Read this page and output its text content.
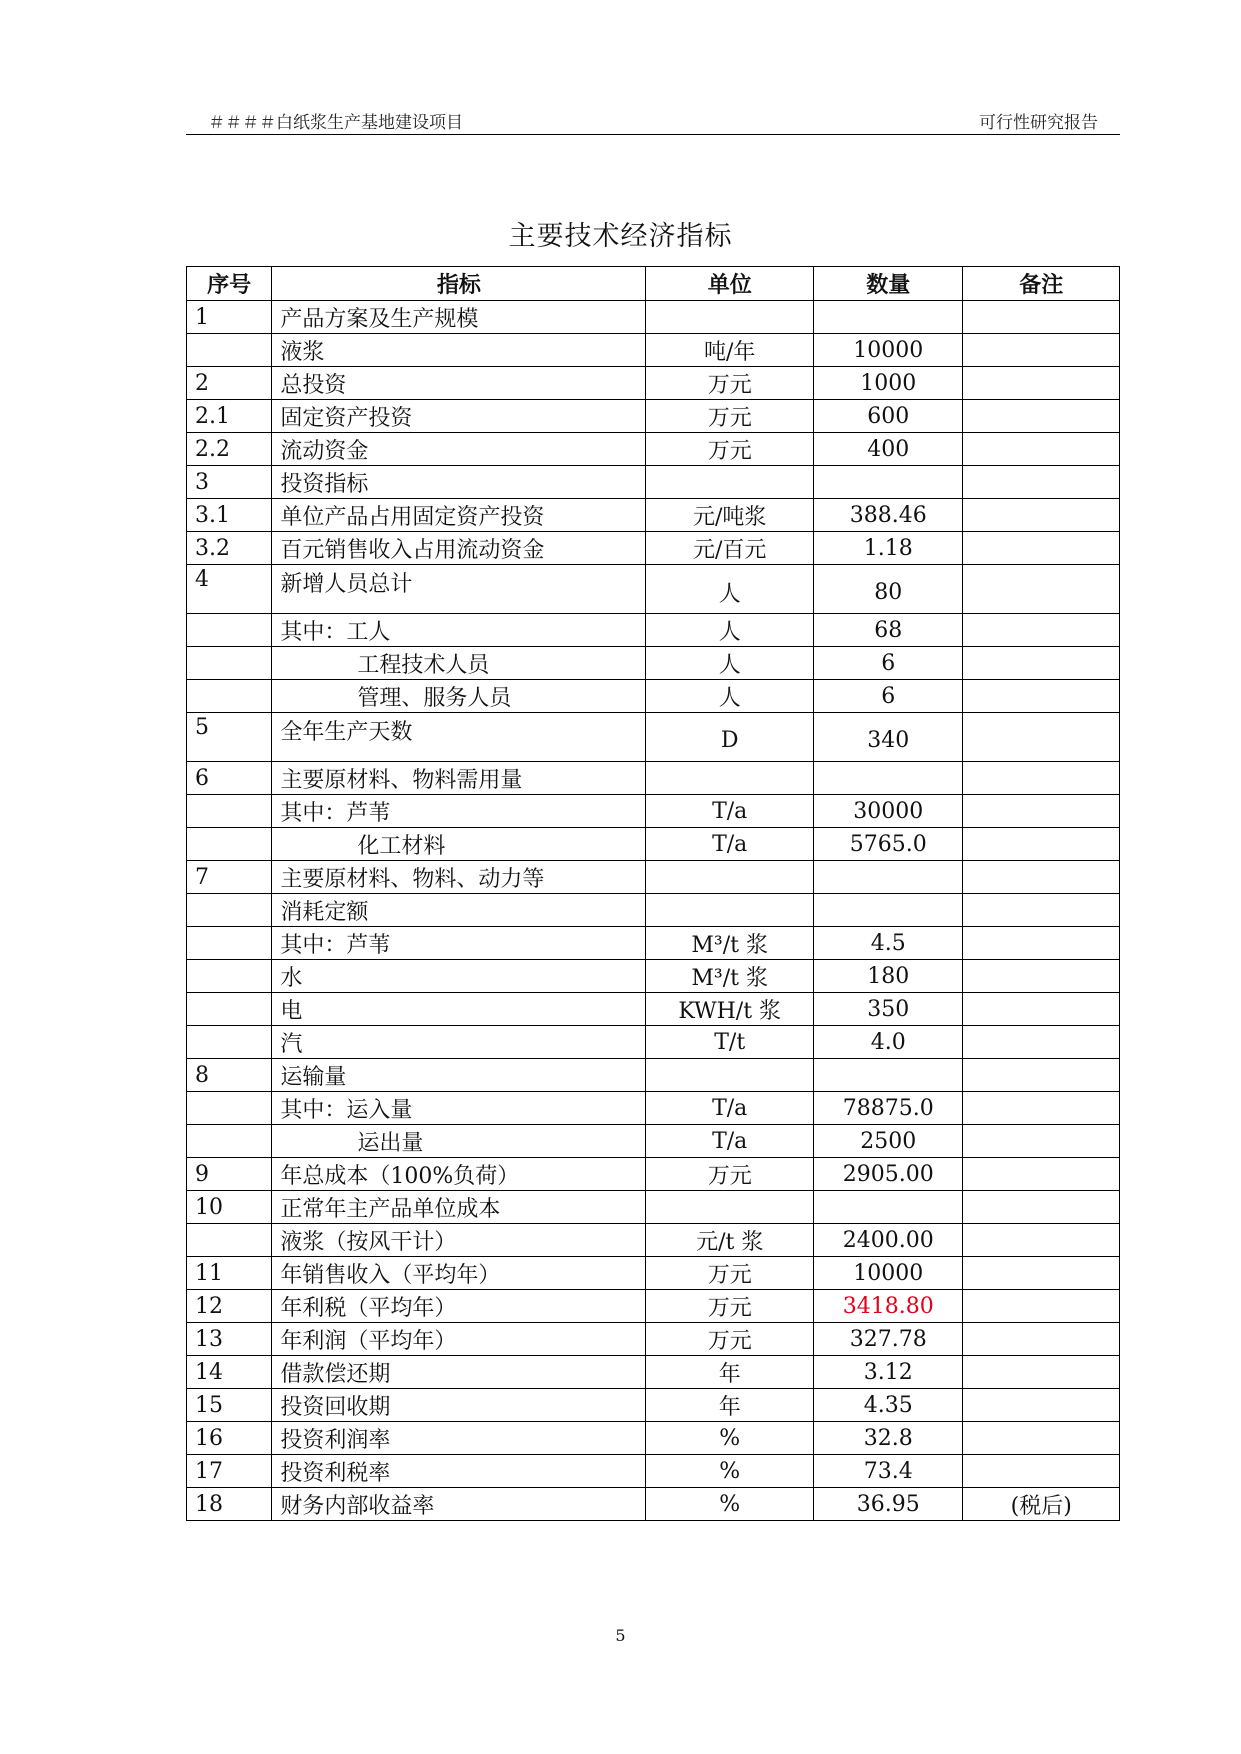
＃＃＃＃白纸浆生产基地建设项目	可行性研究报告
主要技术经济指标
序号	指标	单位	数量	备注
1	产品方案及生产规模			
	液浆	吨/年	10000	
2	总投资	万元	1000	
2.1	固定资产投资	万元	600	
2.2	流动资金	万元	400	
3	投资指标			
3.1	单位产品占用固定资产投资	元/吨浆	388.46	
3.2	百元销售收入占用流动资金	元/百元	1.18	
4	新增人员总计	人	80	
	其中：工人	人	68	
	工程技术人员	人	6	
	管理、服务人员	人	6	
5	全年生产天数	D	340	
6	主要原材料、物料需用量			
	其中：芦苇	T/a	30000	
	化工材料	T/a	5765.0	
7	主要原材料、物料、动力等			
	消耗定额			
	其中：芦苇	M³/t 浆	4.5	
	水	M³/t 浆	180	
	电	KWH/t 浆	350	
	汽	T/t	4.0	
8	运输量			
	其中：运入量	T/a	78875.0	
	运出量	T/a	2500	
9	年总成本（100%负荷）	万元	2905.00	
10	正常年主产品单位成本			
	液浆（按风干计）	元/t 浆	2400.00	
11	年销售收入（平均年）	万元	10000	
12	年利税（平均年）	万元	3418.80	
13	年利润（平均年）	万元	327.78	
14	借款偿还期	年	3.12	
15	投资回收期	年	4.35	
16	投资利润率	%	32.8	
17	投资利税率	%	73.4	
18	财务内部收益率	%	36.95	(税后)
5
